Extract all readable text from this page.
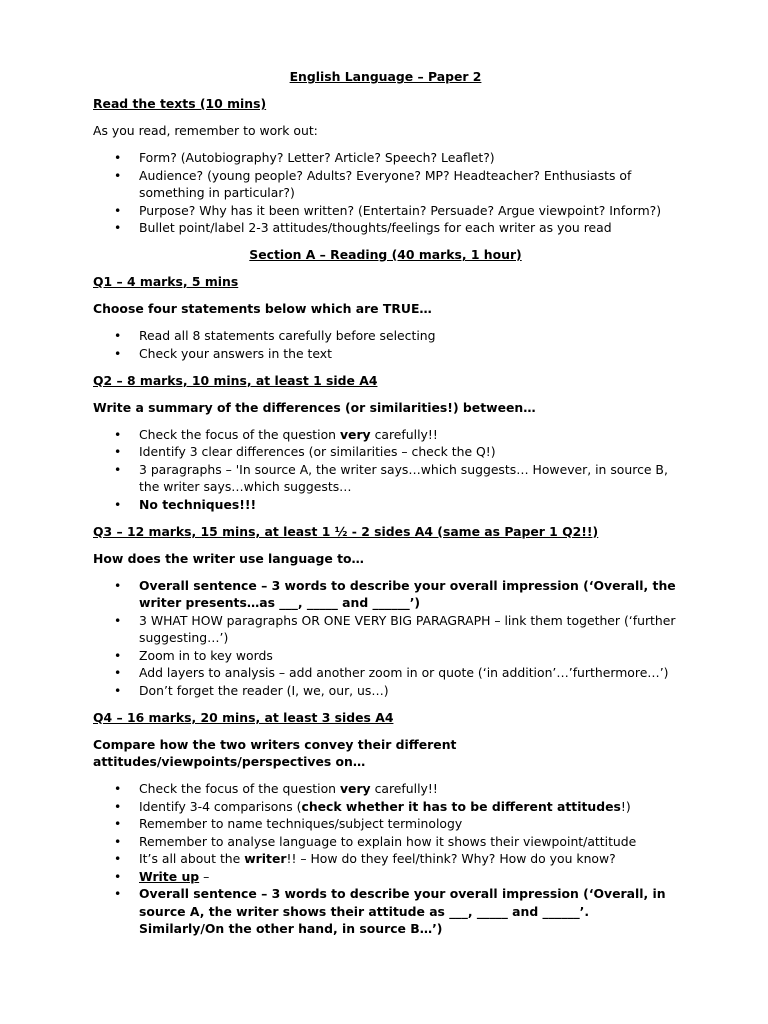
English Language – Paper 2

Read the texts (10 mins)

As you read, remember to work out:

• Form? (Autobiography? Letter? Article? Speech? Leaflet?)
• Audience? (young people? Adults? Everyone? MP? Headteacher? Enthusiasts of something in particular?)
• Purpose? Why has it been written? (Entertain? Persuade? Argue viewpoint? Inform?)
• Bullet point/label 2-3 attitudes/thoughts/feelings for each writer as you read

Section A – Reading (40 marks, 1 hour)

Q1 – 4 marks, 5 mins

Choose four statements below which are TRUE…

• Read all 8 statements carefully before selecting
• Check your answers in the text

Q2 – 8 marks, 10 mins, at least 1 side A4

Write a summary of the differences (or similarities!) between…

• Check the focus of the question very carefully!!
• Identify 3 clear differences (or similarities – check the Q!)
• 3 paragraphs – 'In source A, the writer says…which suggests… However, in source B, the writer says…which suggests…
• No techniques!!!

Q3 – 12 marks, 15 mins, at least 1 ½ - 2 sides A4 (same as Paper 1 Q2!!)

How does the writer use language to…

• Overall sentence – 3 words to describe your overall impression (‘Overall, the writer presents…as ___, _____ and ______’)
• 3 WHAT HOW paragraphs OR ONE VERY BIG PARAGRAPH – link them together (‘further suggesting…’)
• Zoom in to key words
• Add layers to analysis – add another zoom in or quote (‘in addition’…’furthermore…’)
• Don’t forget the reader (I, we, our, us…)

Q4 – 16 marks, 20 mins, at least 3 sides A4

Compare how the two writers convey their different attitudes/viewpoints/perspectives on…

• Check the focus of the question very carefully!!
• Identify 3-4 comparisons (check whether it has to be different attitudes!)
• Remember to name techniques/subject terminology
• Remember to analyse language to explain how it shows their viewpoint/attitude
• It’s all about the writer!! – How do they feel/think? Why? How do you know?
• Write up –
• Overall sentence – 3 words to describe your overall impression (‘Overall, in source A, the writer shows their attitude as ___, _____ and ______’. Similarly/On the other hand, in source B…’)
